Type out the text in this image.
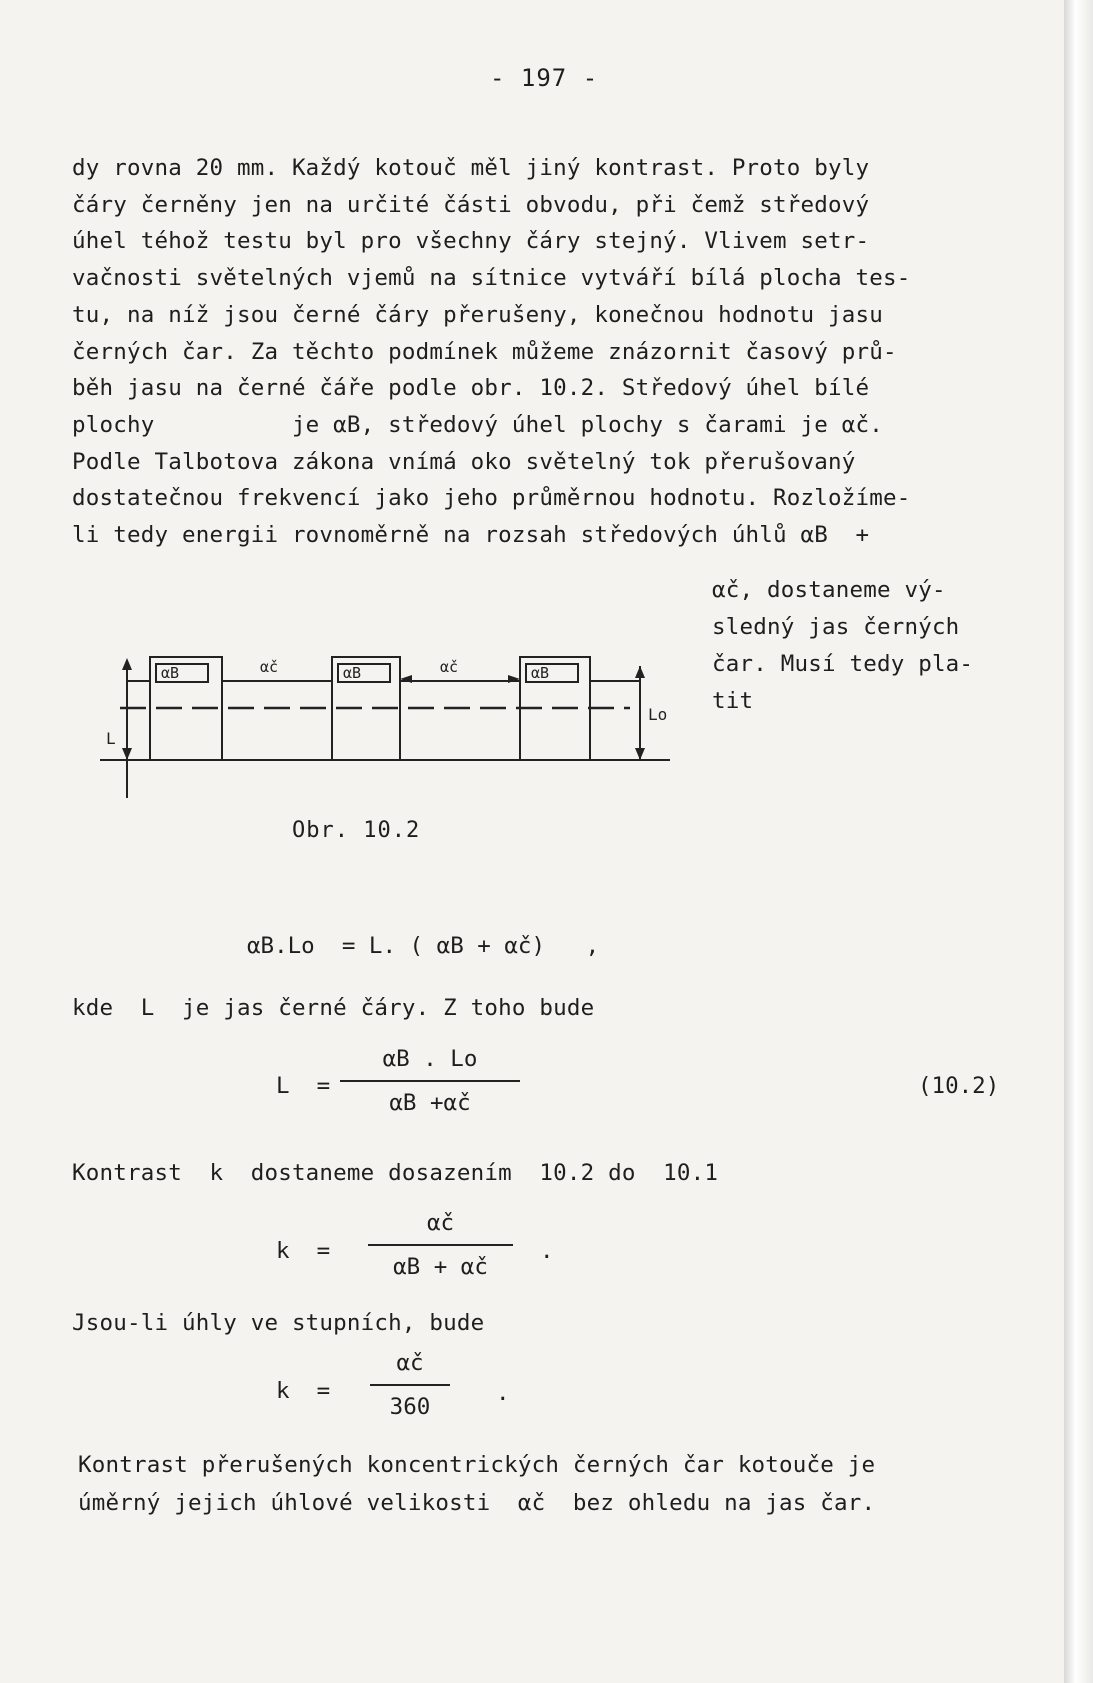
- 197 -
dy rovna 20 mm. Každý kotouč měl jiný kontrast. Proto byly
čáry černěny jen na určité části obvodu, při čemž středový
úhel téhož testu byl pro všechny čáry stejný. Vlivem setr-
vačnosti světelných vjemů na sítnice vytváří bílá plocha tes-
tu, na níž jsou černé čáry přerušeny, konečnou hodnotu jasu
černých čar. Za těchto podmínek můžeme znázornit časový prů-
běh jasu na černé čáře podle obr. 10.2. Středový úhel bílé
plochy          je αB, středový úhel plochy s čarami je αč.
Podle Talbotova zákona vnímá oko světelný tok přerušovaný
dostatečnou frekvencí jako jeho průměrnou hodnotu. Rozložíme-
li tedy energii rovnoměrně na rozsah středových úhlů αB  +
αč, dostaneme vý-
sledný jas černých
čar. Musí tedy pla-
tit
αB	αB	αB
αč	αč
L
Lo
Obr. 10.2
αB.Lo  = L. ( αB + αč)   ,
kde  L  je jas černé čáry. Z toho bude
L  =
αB . Lo
αB +αč
(10.2)
Kontrast  k  dostaneme dosazením  10.2 do  10.1
k  =
αč
αB + αč
.
Jsou-li úhly ve stupních, bude
k  =
αč
360
.
Kontrast přerušených koncentrických černých čar kotouče je
úměrný jejich úhlové velikosti  αč  bez ohledu na jas čar.
